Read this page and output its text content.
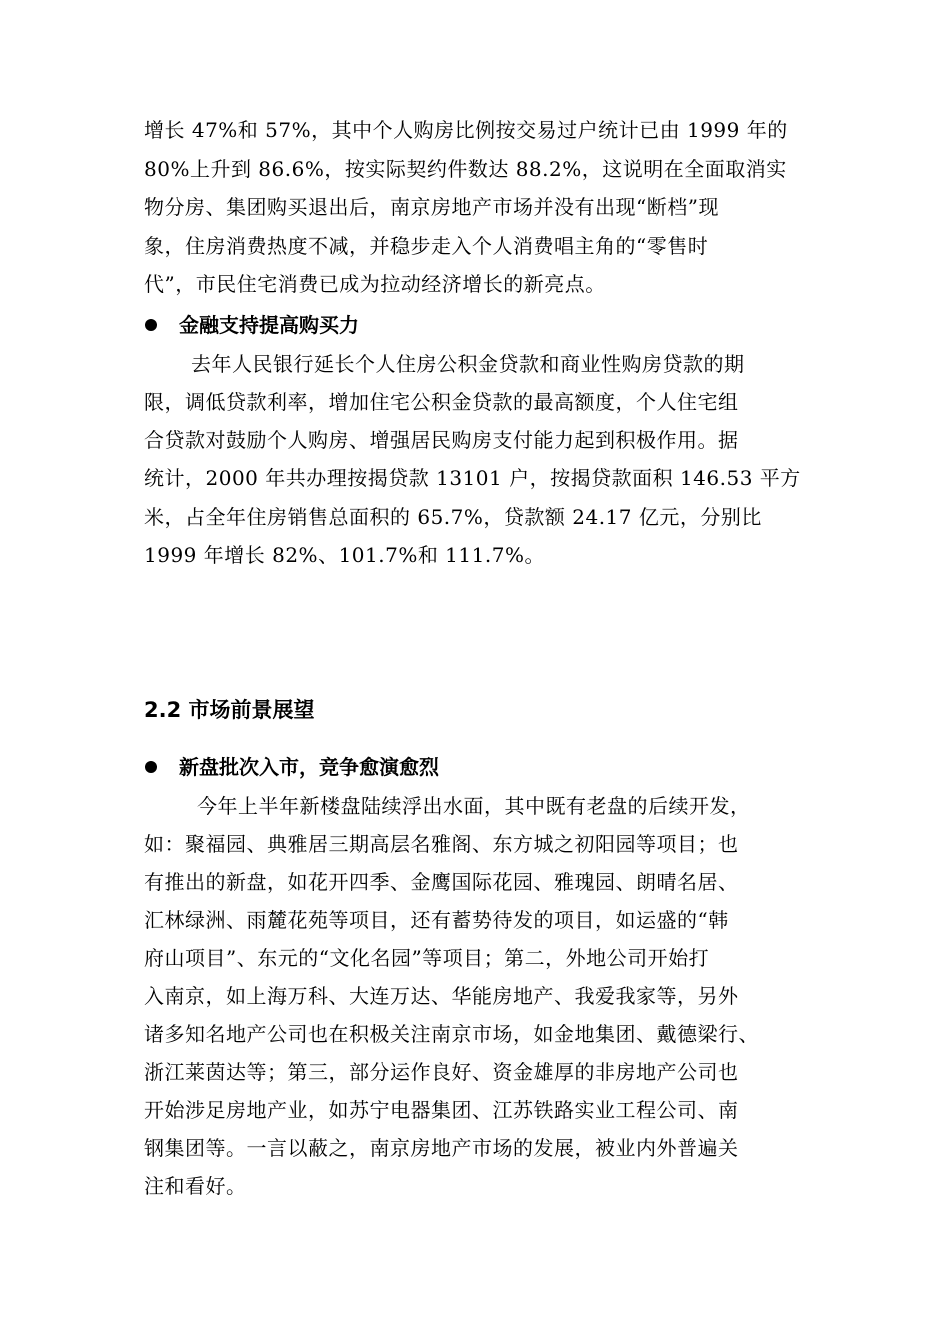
增长 47%和 57%，其中个人购房比例按交易过户统计已由 1999 年的
80%上升到 86.6%，按实际契约件数达 88.2%，这说明在全面取消实
物分房、集团购买退出后，南京房地产市场并没有出现“断档”现
象，住房消费热度不减，并稳步走入个人消费唱主角的“零售时
代”，市民住宅消费已成为拉动经济增长的新亮点。
金融支持提高购买力
去年人民银行延长个人住房公积金贷款和商业性购房贷款的期
限，调低贷款利率，增加住宅公积金贷款的最高额度，个人住宅组
合贷款对鼓励个人购房、增强居民购房支付能力起到积极作用。据
统计，2000 年共办理按揭贷款 13101 户，按揭贷款面积 146.53 平方
米，占全年住房销售总面积的 65.7%，贷款额 24.17 亿元，分别比
1999 年增长 82%、101.7%和 111.7%。
2.2 市场前景展望
新盘批次入市，竞争愈演愈烈
今年上半年新楼盘陆续浮出水面，其中既有老盘的后续开发，
如：聚福园、典雅居三期高层名雅阁、东方城之初阳园等项目；也
有推出的新盘，如花开四季、金鹰国际花园、雅瑰园、朗晴名居、
汇林绿洲、雨麓花苑等项目，还有蓄势待发的项目，如运盛的“韩
府山项目”、东元的“文化名园”等项目；第二，外地公司开始打
入南京，如上海万科、大连万达、华能房地产、我爱我家等，另外
诸多知名地产公司也在积极关注南京市场，如金地集团、戴德梁行、
浙江莱茵达等；第三，部分运作良好、资金雄厚的非房地产公司也
开始涉足房地产业，如苏宁电器集团、江苏铁路实业工程公司、南
钢集团等。一言以蔽之，南京房地产市场的发展，被业内外普遍关
注和看好。
